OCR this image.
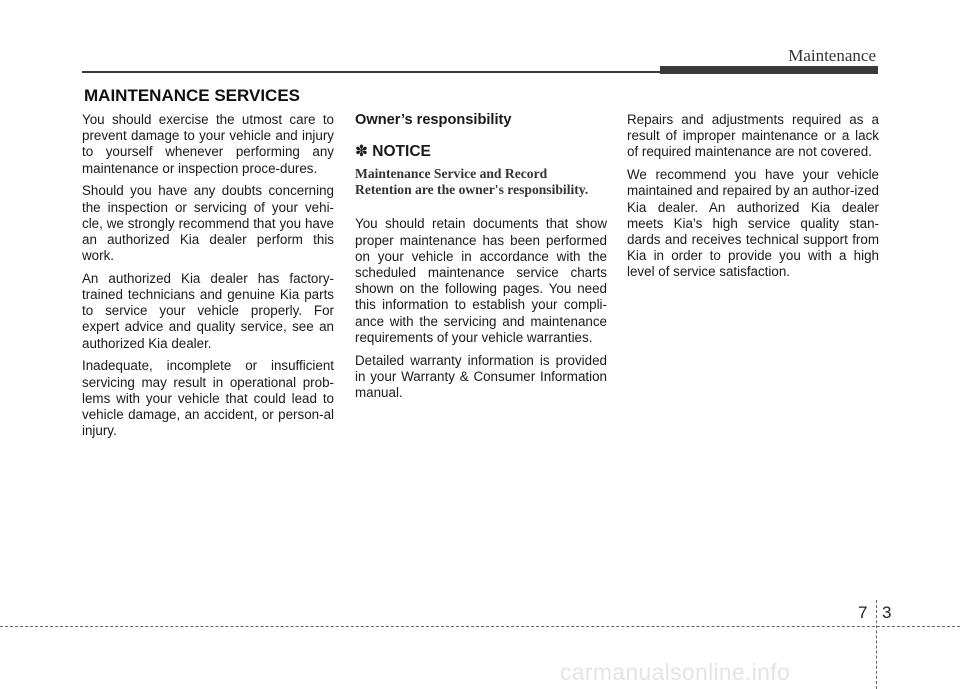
Maintenance
MAINTENANCE SERVICES

You should exercise the utmost care to prevent damage to your vehicle and injury to yourself whenever performing any maintenance or inspection proce-dures.

Should you have any doubts concerning the inspection or servicing of your vehi-cle, we strongly recommend that you have an authorized Kia dealer perform this work.

An authorized Kia dealer has factory-trained technicians and genuine Kia parts to service your vehicle properly. For expert advice and quality service, see an authorized Kia dealer.

Inadequate, incomplete or insufficient servicing may result in operational prob-lems with your vehicle that could lead to vehicle damage, an accident, or person-al injury.

Owner’s responsibility

✽ NOTICE

Maintenance Service and Record Retention are the owner's responsibility.

You should retain documents that show proper maintenance has been performed on your vehicle in accordance with the scheduled maintenance service charts shown on the following pages. You need this information to establish your compli-ance with the servicing and maintenance requirements of your vehicle warranties.

Detailed warranty information is provided in your Warranty & Consumer Information manual.

Repairs and adjustments required as a result of improper maintenance or a lack of required maintenance are not covered.

We recommend you have your vehicle maintained and repaired by an author-ized Kia dealer. An authorized Kia dealer meets Kia’s high service quality stan-dards and receives technical support from Kia in order to provide you with a high level of service satisfaction.

7 3
carmanualsonline.info
